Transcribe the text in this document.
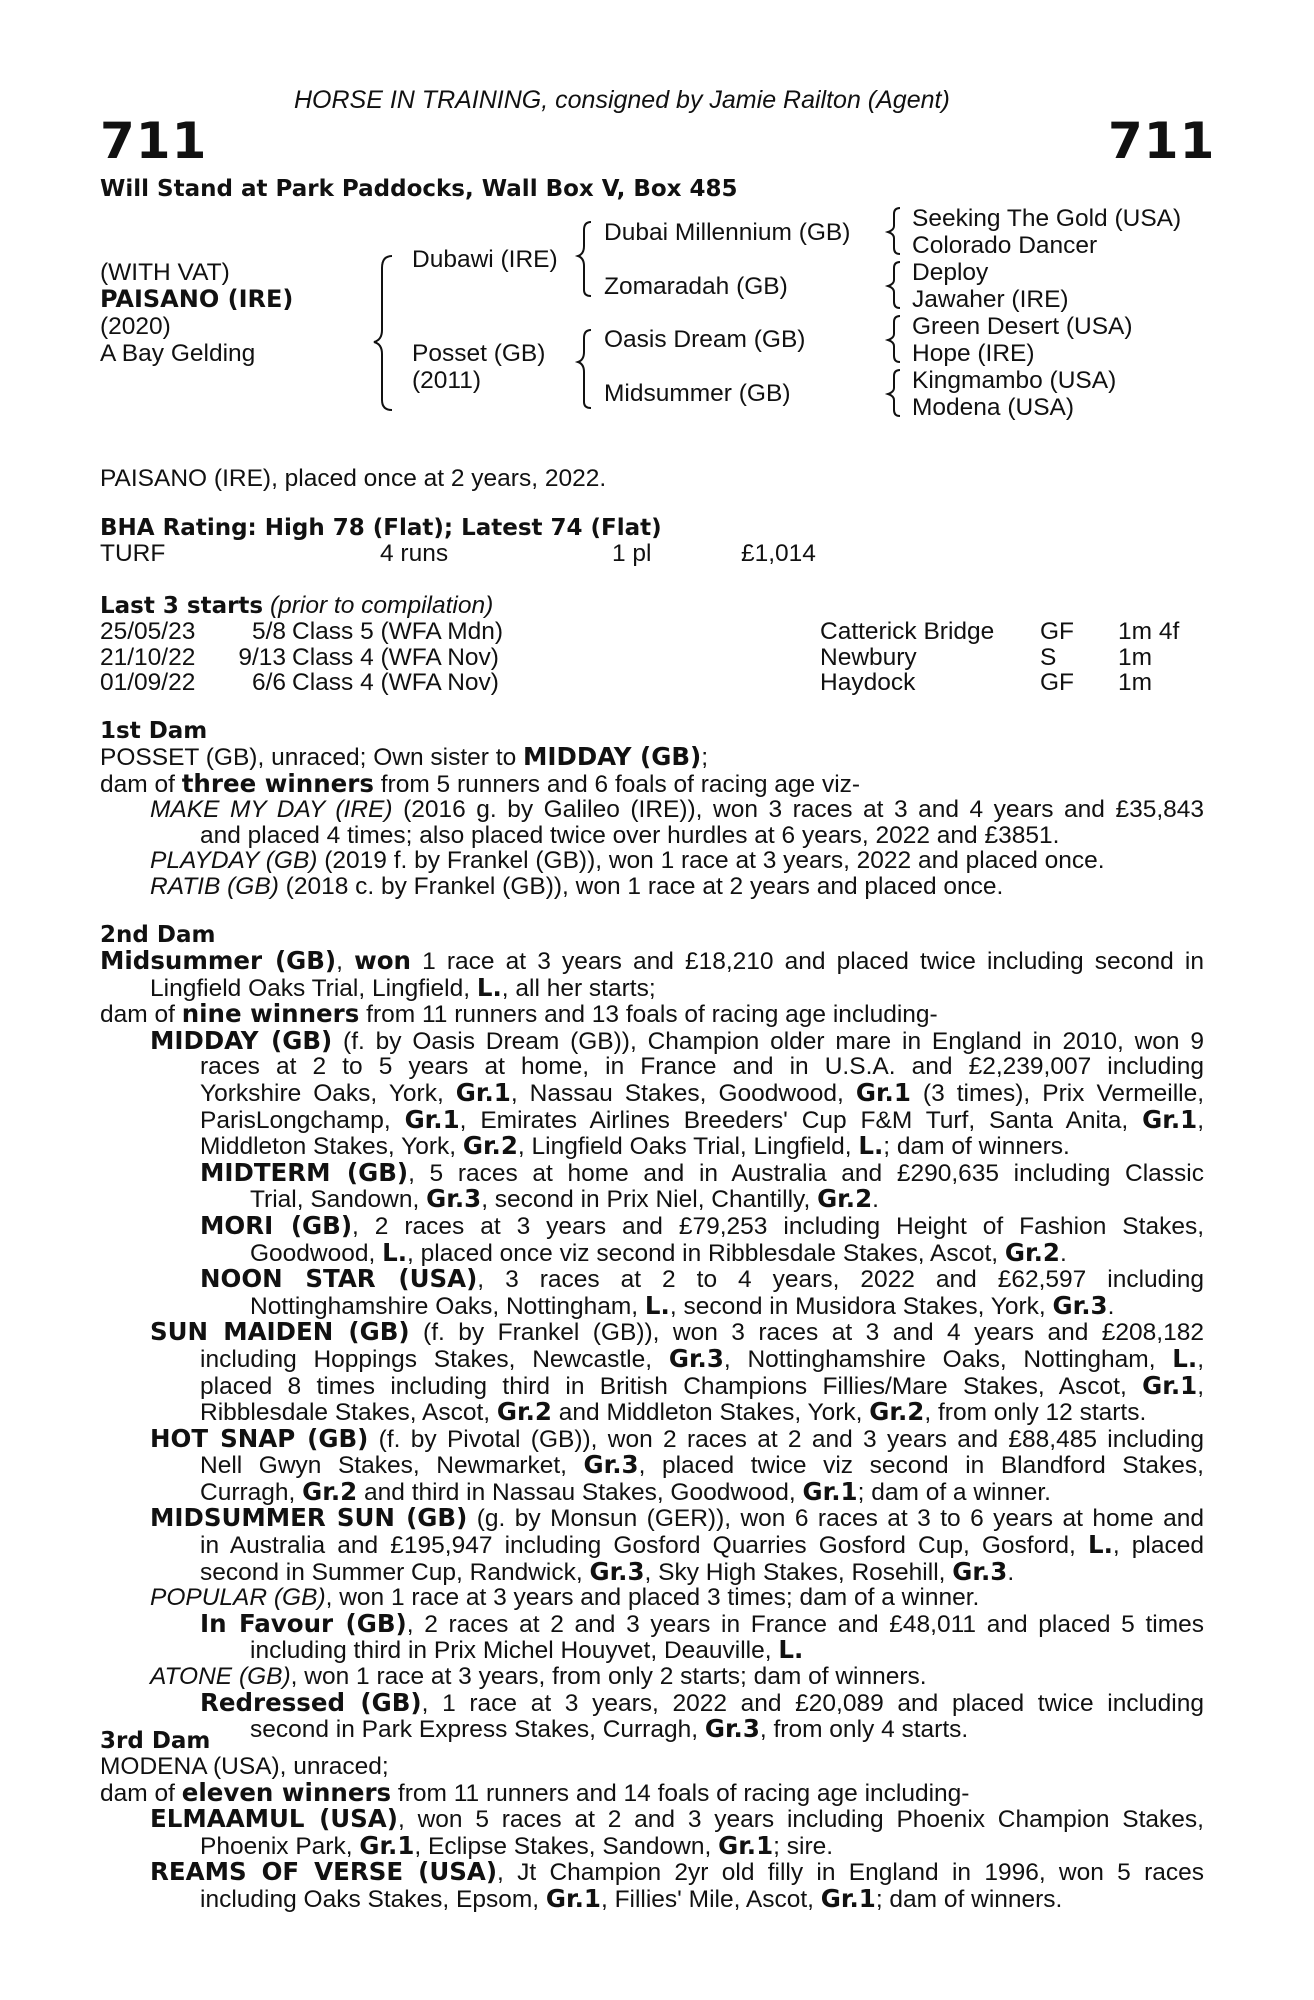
711	711
HORSE IN TRAINING, consigned by Jamie Railton (Agent)
Will Stand at Park Paddocks, Wall Box V, Box 485
(WITH VAT)
PAISANO (IRE)
(2020)
A Bay Gelding
Dubawi (IRE)
Posset (GB)
(2011)
Dubai Millennium (GB)
Zomaradah (GB)
Oasis Dream (GB)
Midsummer (GB)
Seeking The Gold (USA)
Colorado Dancer
Deploy
Jawaher (IRE)
Green Desert (USA)
Hope (IRE)
Kingmambo (USA)
Modena (USA)
PAISANO (IRE), placed once at 2 years, 2022.
BHA Rating: High 78 (Flat); Latest 74 (Flat)
TURF	4 runs	1 pl	£1,014
Last 3 starts (prior to compilation)
25/05/23 5/8 Class 5 (WFA Mdn)	Catterick Bridge GF 1m 4f
21/10/22 9/13 Class 4 (WFA Nov)	Newbury	S	1m
01/09/22 6/6 Class 4 (WFA Nov)	Haydock	GF 1m
1st Dam
POSSET (GB), unraced; Own sister to MIDDAY (GB);
dam of three winners from 5 runners and 6 foals of racing age viz-
MAKE MY DAY (IRE) (2016 g. by Galileo (IRE)), won 3 races at 3 and 4 years and £35,843
and placed 4 times; also placed twice over hurdles at 6 years, 2022 and £3851.
PLAYDAY (GB) (2019 f. by Frankel (GB)), won 1 race at 3 years, 2022 and placed once.
RATIB (GB) (2018 c. by Frankel (GB)), won 1 race at 2 years and placed once.
2nd Dam
Midsummer (GB), won 1 race at 3 years and £18,210 and placed twice including second in
Lingfield Oaks Trial, Lingfield, L., all her starts;
dam of nine winners from 11 runners and 13 foals of racing age including-
MIDDAY (GB) (f. by Oasis Dream (GB)), Champion older mare in England in 2010, won 9
races at 2 to 5 years at home, in France and in U.S.A. and £2,239,007 including
Yorkshire Oaks, York, Gr.1, Nassau Stakes, Goodwood, Gr.1 (3 times), Prix Vermeille,
ParisLongchamp, Gr.1, Emirates Airlines Breeders' Cup F&M Turf, Santa Anita, Gr.1,
Middleton Stakes, York, Gr.2, Lingfield Oaks Trial, Lingfield, L.; dam of winners.
MIDTERM (GB), 5 races at home and in Australia and £290,635 including Classic
Trial, Sandown, Gr.3, second in Prix Niel, Chantilly, Gr.2.
MORI (GB), 2 races at 3 years and £79,253 including Height of Fashion Stakes,
Goodwood, L., placed once viz second in Ribblesdale Stakes, Ascot, Gr.2.
NOON STAR (USA), 3 races at 2 to 4 years, 2022 and £62,597 including
Nottinghamshire Oaks, Nottingham, L., second in Musidora Stakes, York, Gr.3.
SUN MAIDEN (GB) (f. by Frankel (GB)), won 3 races at 3 and 4 years and £208,182
including Hoppings Stakes, Newcastle, Gr.3, Nottinghamshire Oaks, Nottingham, L.,
placed 8 times including third in British Champions Fillies/Mare Stakes, Ascot, Gr.1,
Ribblesdale Stakes, Ascot, Gr.2 and Middleton Stakes, York, Gr.2, from only 12 starts.
HOT SNAP (GB) (f. by Pivotal (GB)), won 2 races at 2 and 3 years and £88,485 including
Nell Gwyn Stakes, Newmarket, Gr.3, placed twice viz second in Blandford Stakes,
Curragh, Gr.2 and third in Nassau Stakes, Goodwood, Gr.1; dam of a winner.
MIDSUMMER SUN (GB) (g. by Monsun (GER)), won 6 races at 3 to 6 years at home and
in Australia and £195,947 including Gosford Quarries Gosford Cup, Gosford, L., placed
second in Summer Cup, Randwick, Gr.3, Sky High Stakes, Rosehill, Gr.3.
POPULAR (GB), won 1 race at 3 years and placed 3 times; dam of a winner.
In Favour (GB), 2 races at 2 and 3 years in France and £48,011 and placed 5 times
including third in Prix Michel Houyvet, Deauville, L.
ATONE (GB), won 1 race at 3 years, from only 2 starts; dam of winners.
Redressed (GB), 1 race at 3 years, 2022 and £20,089 and placed twice including
second in Park Express Stakes, Curragh, Gr.3, from only 4 starts.
3rd Dam
MODENA (USA), unraced;
dam of eleven winners from 11 runners and 14 foals of racing age including-
ELMAAMUL (USA), won 5 races at 2 and 3 years including Phoenix Champion Stakes,
Phoenix Park, Gr.1, Eclipse Stakes, Sandown, Gr.1; sire.
REAMS OF VERSE (USA), Jt Champion 2yr old filly in England in 1996, won 5 races
including Oaks Stakes, Epsom, Gr.1, Fillies' Mile, Ascot, Gr.1; dam of winners.
